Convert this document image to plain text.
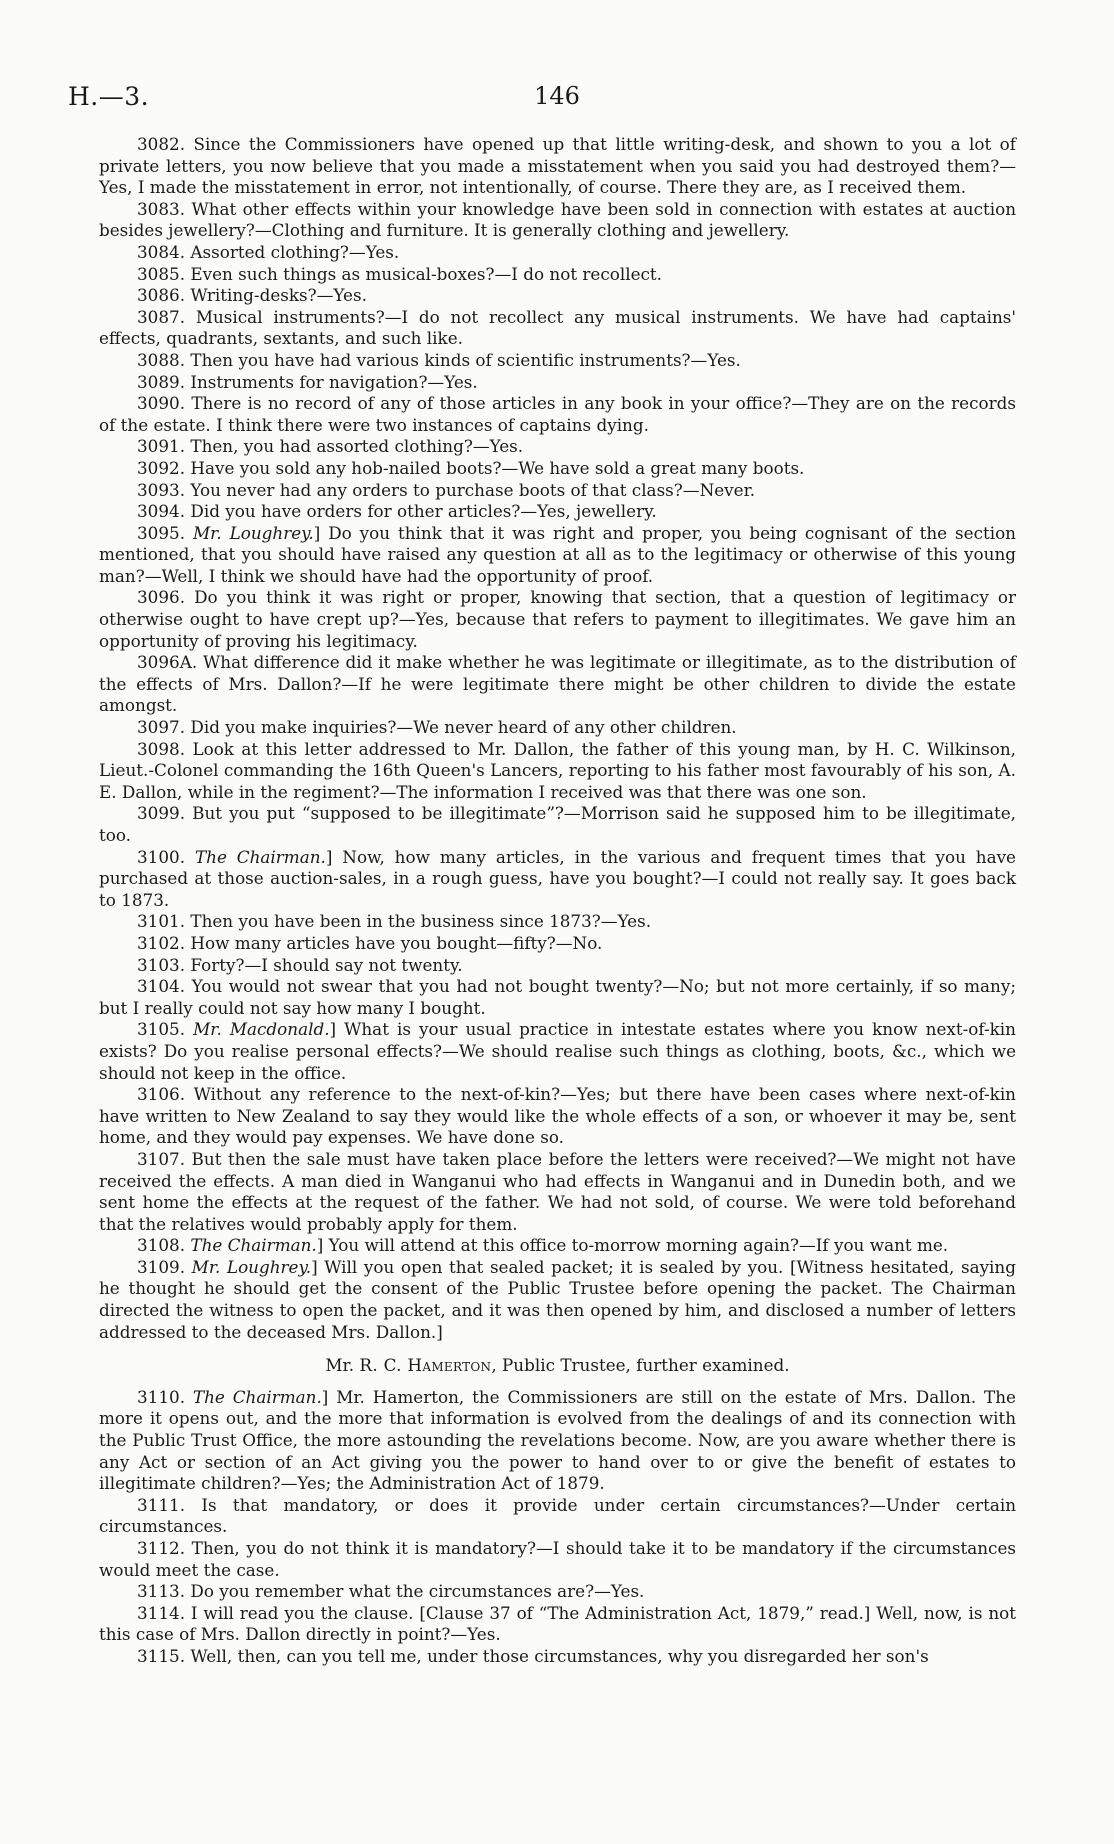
H.—3.	146

3082. Since the Commissioners have opened up that little writing-desk, and shown to you a lot of private letters, you now believe that you made a misstatement when you said you had destroyed them?—Yes, I made the misstatement in error, not intentionally, of course. There they are, as I received them.

3083. What other effects within your knowledge have been sold in connection with estates at auction besides jewellery?—Clothing and furniture. It is generally clothing and jewellery.

3084. Assorted clothing?—Yes.

3085. Even such things as musical-boxes?—I do not recollect.

3086. Writing-desks?—Yes.

3087. Musical instruments?—I do not recollect any musical instruments. We have had captains' effects, quadrants, sextants, and such like.

3088. Then you have had various kinds of scientific instruments?—Yes.

3089. Instruments for navigation?—Yes.

3090. There is no record of any of those articles in any book in your office?—They are on the records of the estate. I think there were two instances of captains dying.

3091. Then, you had assorted clothing?—Yes.

3092. Have you sold any hob-nailed boots?—We have sold a great many boots.

3093. You never had any orders to purchase boots of that class?—Never.

3094. Did you have orders for other articles?—Yes, jewellery.

3095. Mr. Loughrey.] Do you think that it was right and proper, you being cognisant of the section mentioned, that you should have raised any question at all as to the legitimacy or otherwise of this young man?—Well, I think we should have had the opportunity of proof.

3096. Do you think it was right or proper, knowing that section, that a question of legitimacy or otherwise ought to have crept up?—Yes, because that refers to payment to illegitimates. We gave him an opportunity of proving his legitimacy.

3096A. What difference did it make whether he was legitimate or illegitimate, as to the distribution of the effects of Mrs. Dallon?—If he were legitimate there might be other children to divide the estate amongst.

3097. Did you make inquiries?—We never heard of any other children.

3098. Look at this letter addressed to Mr. Dallon, the father of this young man, by H. C. Wilkinson, Lieut.-Colonel commanding the 16th Queen's Lancers, reporting to his father most favourably of his son, A. E. Dallon, while in the regiment?—The information I received was that there was one son.

3099. But you put “supposed to be illegitimate”?—Morrison said he supposed him to be illegitimate, too.

3100. The Chairman.] Now, how many articles, in the various and frequent times that you have purchased at those auction-sales, in a rough guess, have you bought?—I could not really say. It goes back to 1873.

3101. Then you have been in the business since 1873?—Yes.

3102. How many articles have you bought—fifty?—No.

3103. Forty?—I should say not twenty.

3104. You would not swear that you had not bought twenty?—No; but not more certainly, if so many; but I really could not say how many I bought.

3105. Mr. Macdonald.] What is your usual practice in intestate estates where you know next-of-kin exists? Do you realise personal effects?—We should realise such things as clothing, boots, &c., which we should not keep in the office.

3106. Without any reference to the next-of-kin?—Yes; but there have been cases where next-of-kin have written to New Zealand to say they would like the whole effects of a son, or whoever it may be, sent home, and they would pay expenses. We have done so.

3107. But then the sale must have taken place before the letters were received?—We might not have received the effects. A man died in Wanganui who had effects in Wanganui and in Dunedin both, and we sent home the effects at the request of the father. We had not sold, of course. We were told beforehand that the relatives would probably apply for them.

3108. The Chairman.] You will attend at this office to-morrow morning again?—If you want me.

3109. Mr. Loughrey.] Will you open that sealed packet; it is sealed by you. [Witness hesitated, saying he thought he should get the consent of the Public Trustee before opening the packet. The Chairman directed the witness to open the packet, and it was then opened by him, and disclosed a number of letters addressed to the deceased Mrs. Dallon.]

Mr. R. C. Hamerton, Public Trustee, further examined.

3110. The Chairman.] Mr. Hamerton, the Commissioners are still on the estate of Mrs. Dallon. The more it opens out, and the more that information is evolved from the dealings of and its connection with the Public Trust Office, the more astounding the revelations become. Now, are you aware whether there is any Act or section of an Act giving you the power to hand over to or give the benefit of estates to illegitimate children?—Yes; the Administration Act of 1879.

3111. Is that mandatory, or does it provide under certain circumstances?—Under certain circumstances.

3112. Then, you do not think it is mandatory?—I should take it to be mandatory if the circumstances would meet the case.

3113. Do you remember what the circumstances are?—Yes.

3114. I will read you the clause. [Clause 37 of “The Administration Act, 1879,” read.] Well, now, is not this case of Mrs. Dallon directly in point?—Yes.

3115. Well, then, can you tell me, under those circumstances, why you disregarded her son's
